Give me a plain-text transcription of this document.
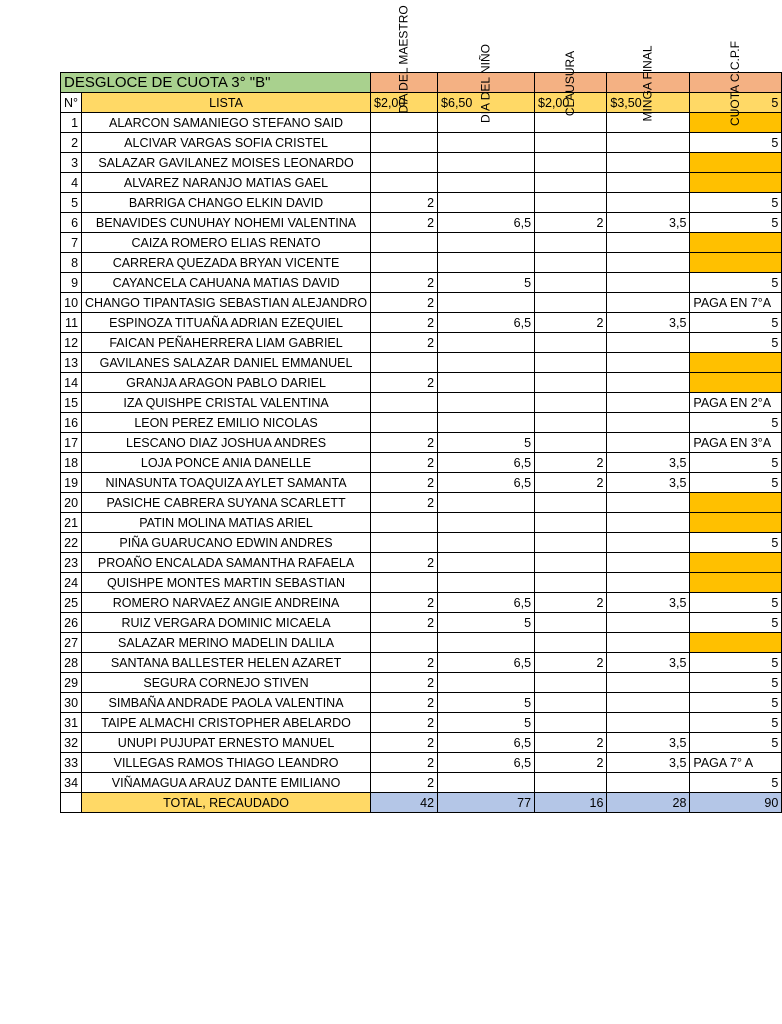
DESGLOCE DE CUOTA 3° "B"		DIA DEL MAESTRO	DIA DEL NIÑO	CLAUSURA	MINGA FINAL	CUOTA C.C.P.F
N°	LISTA	$2,00	$6,50	$2,00	$3,50	5
1	ALARCON SAMANIEGO STEFANO SAID					
2	ALCIVAR VARGAS SOFIA CRISTEL					5
3	SALAZAR GAVILANEZ MOISES LEONARDO					
4	ALVAREZ NARANJO MATIAS GAEL					
5	BARRIGA CHANGO ELKIN DAVID	2				5
6	BENAVIDES CUNUHAY NOHEMI VALENTINA	2	6,5	2	3,5	5
7	CAIZA ROMERO ELIAS RENATO					
8	CARRERA QUEZADA BRYAN VICENTE					
9	CAYANCELA CAHUANA MATIAS DAVID	2	5			5
10	CHANGO TIPANTASIG SEBASTIAN ALEJANDRO	2				PAGA EN 7°A
11	ESPINOZA TITUAÑA ADRIAN EZEQUIEL	2	6,5	2	3,5	5
12	FAICAN PEÑAHERRERA LIAM GABRIEL	2				5
13	GAVILANES SALAZAR DANIEL EMMANUEL					
14	GRANJA ARAGON PABLO DARIEL	2				
15	IZA QUISHPE CRISTAL VALENTINA					PAGA EN 2°A
16	LEON PEREZ EMILIO NICOLAS					5
17	LESCANO DIAZ JOSHUA ANDRES	2	5			PAGA EN 3°A
18	LOJA PONCE ANIA DANELLE	2	6,5	2	3,5	5
19	NINASUNTA TOAQUIZA AYLET SAMANTA	2	6,5	2	3,5	5
20	PASICHE CABRERA SUYANA SCARLETT	2				
21	PATIN MOLINA MATIAS ARIEL					
22	PIÑA GUARUCANO EDWIN ANDRES					5
23	PROAÑO ENCALADA SAMANTHA RAFAELA	2				
24	QUISHPE MONTES MARTIN SEBASTIAN					
25	ROMERO NARVAEZ ANGIE ANDREINA	2	6,5	2	3,5	5
26	RUIZ VERGARA DOMINIC MICAELA	2	5			5
27	SALAZAR MERINO MADELIN DALILA					
28	SANTANA BALLESTER HELEN AZARET	2	6,5	2	3,5	5
29	SEGURA CORNEJO STIVEN	2				5
30	SIMBAÑA ANDRADE PAOLA VALENTINA	2	5			5
31	TAIPE ALMACHI CRISTOPHER ABELARDO	2	5			5
32	UNUPI PUJUPAT ERNESTO MANUEL	2	6,5	2	3,5	5
33	VILLEGAS RAMOS THIAGO LEANDRO	2	6,5	2	3,5	PAGA 7° A
34	VIÑAMAGUA ARAUZ DANTE EMILIANO	2				5
	TOTAL, RECAUDADO	42	77	16	28	90
